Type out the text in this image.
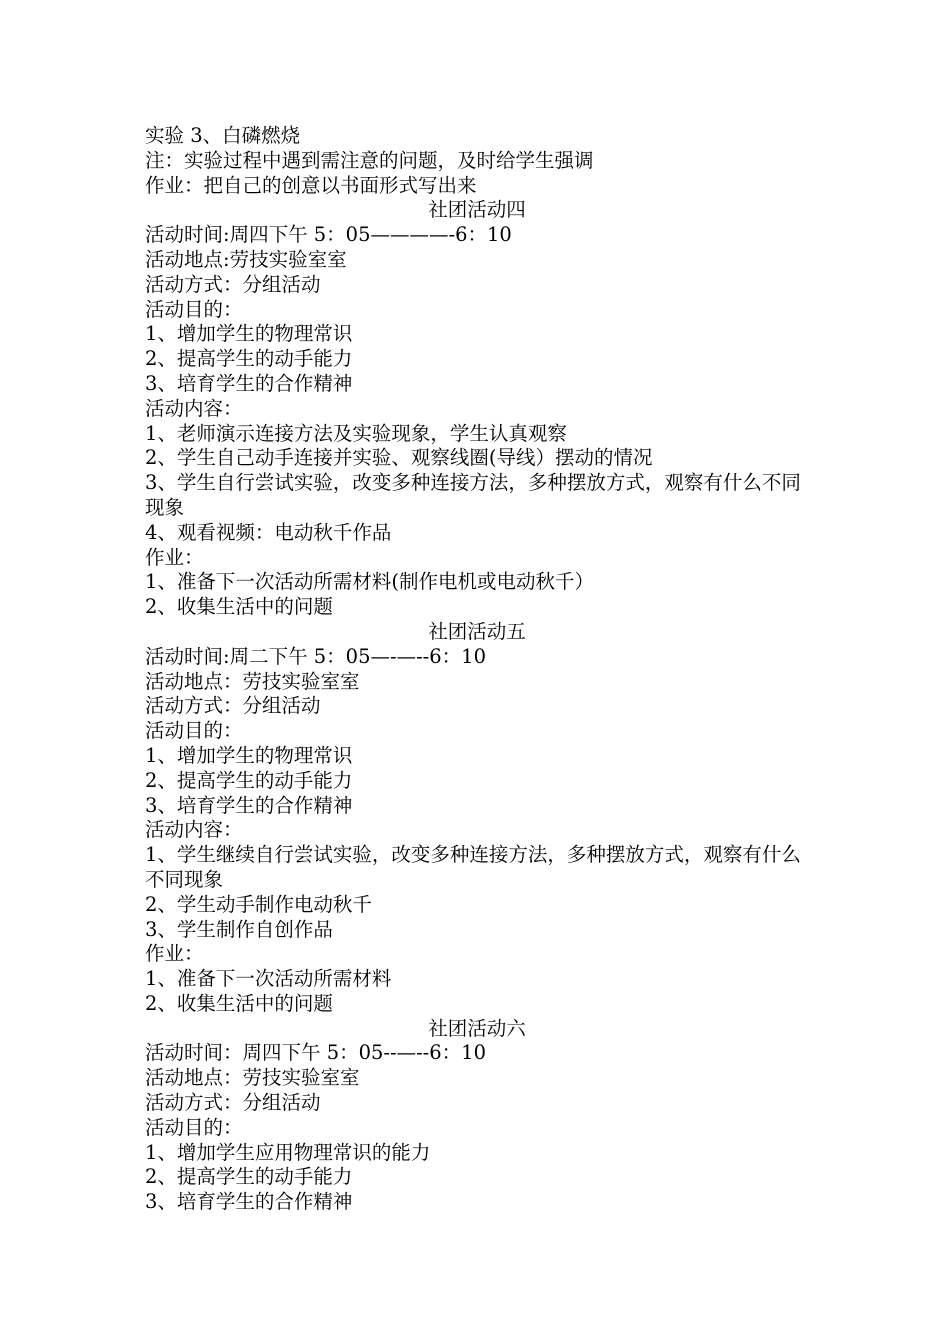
实验 3、白磷燃烧
注：实验过程中遇到需注意的问题，及时给学生强调
作业：把自己的创意以书面形式写出来
社团活动四
活动时间:周四下午 5：05————-6：10
活动地点:劳技实验室室
活动方式：分组活动
活动目的：
1、增加学生的物理常识
2、提高学生的动手能力
3、培育学生的合作精神
活动内容：
1、老师演示连接方法及实验现象，学生认真观察
2、学生自己动手连接并实验、观察线圈(导线）摆动的情况
3、学生自行尝试实验，改变多种连接方法，多种摆放方式，观察有什么不同现象
4、观看视频：电动秋千作品
作业：
1、准备下一次活动所需材料(制作电机或电动秋千）
2、收集生活中的问题
社团活动五
活动时间:周二下午 5：05—-—--6：10
活动地点：劳技实验室室
活动方式：分组活动
活动目的：
1、增加学生的物理常识
2、提高学生的动手能力
3、培育学生的合作精神
活动内容：
1、学生继续自行尝试实验，改变多种连接方法，多种摆放方式，观察有什么不同现象
2、学生动手制作电动秋千
3、学生制作自创作品
作业：
1、准备下一次活动所需材料
2、收集生活中的问题
社团活动六
活动时间：周四下午 5：05--—--6：10
活动地点：劳技实验室室
活动方式：分组活动
活动目的：
1、增加学生应用物理常识的能力
2、提高学生的动手能力
3、培育学生的合作精神
